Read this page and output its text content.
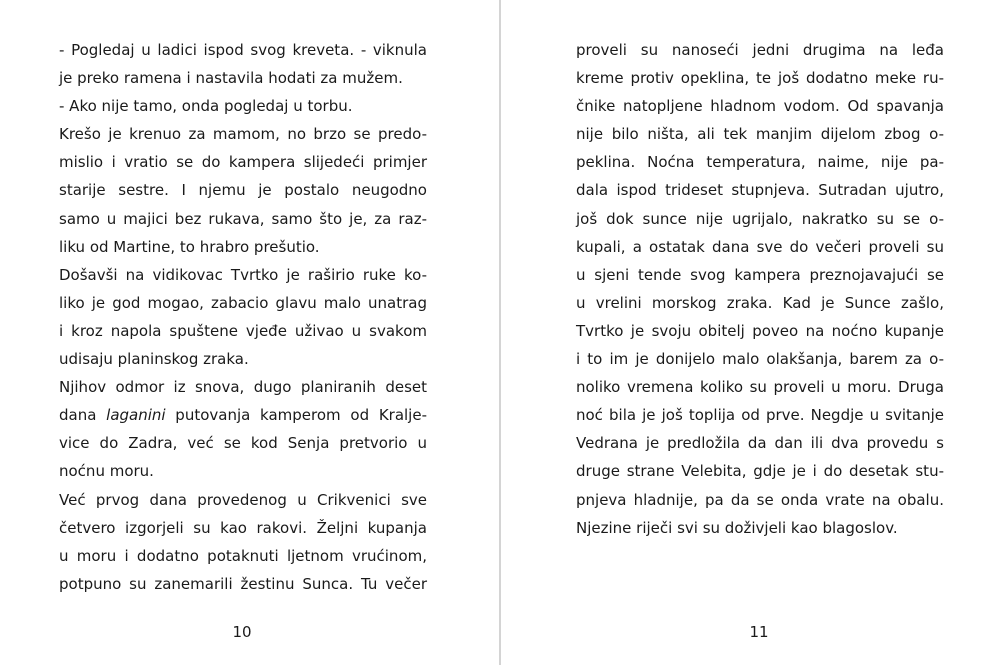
- Pogledaj u ladici ispod svog kreveta. - viknula
je preko ramena i nastavila hodati za mužem.
- Ako nije tamo, onda pogledaj u torbu.
Krešo je krenuo za mamom, no brzo se predo-
mislio i vratio se do kampera slijedeći primjer
starije sestre. I njemu je postalo neugodno
samo u majici bez rukava, samo što je, za raz-
liku od Martine, to hrabro prešutio.
Došavši na vidikovac Tvrtko je raširio ruke ko-
liko je god mogao, zabacio glavu malo unatrag
i kroz napola spuštene vjeđe uživao u svakom
udisaju planinskog zraka.
Njihov odmor iz snova, dugo planiranih deset
dana laganini putovanja kamperom od Kralje-
vice do Zadra, već se kod Senja pretvorio u
noćnu moru.
Već prvog dana provedenog u Crikvenici sve
četvero izgorjeli su kao rakovi. Željni kupanja
u moru i dodatno potaknuti ljetnom vrućinom,
potpuno su zanemarili žestinu Sunca. Tu večer
10
proveli su nanoseći jedni drugima na leđa
kreme protiv opeklina, te još dodatno meke ru-
čnike natopljene hladnom vodom. Od spavanja
nije bilo ništa, ali tek manjim dijelom zbog o-
peklina. Noćna temperatura, naime, nije pa-
dala ispod trideset stupnjeva. Sutradan ujutro,
još dok sunce nije ugrijalo, nakratko su se o-
kupali, a ostatak dana sve do večeri proveli su
u sjeni tende svog kampera preznojavajući se
u vrelini morskog zraka. Kad je Sunce zašlo,
Tvrtko je svoju obitelj poveo na noćno kupanje
i to im je donijelo malo olakšanja, barem za o-
noliko vremena koliko su proveli u moru. Druga
noć bila je još toplija od prve. Negdje u svitanje
Vedrana je predložila da dan ili dva provedu s
druge strane Velebita, gdje je i do desetak stu-
pnjeva hladnije, pa da se onda vrate na obalu.
Njezine riječi svi su doživjeli kao blagoslov.
11
